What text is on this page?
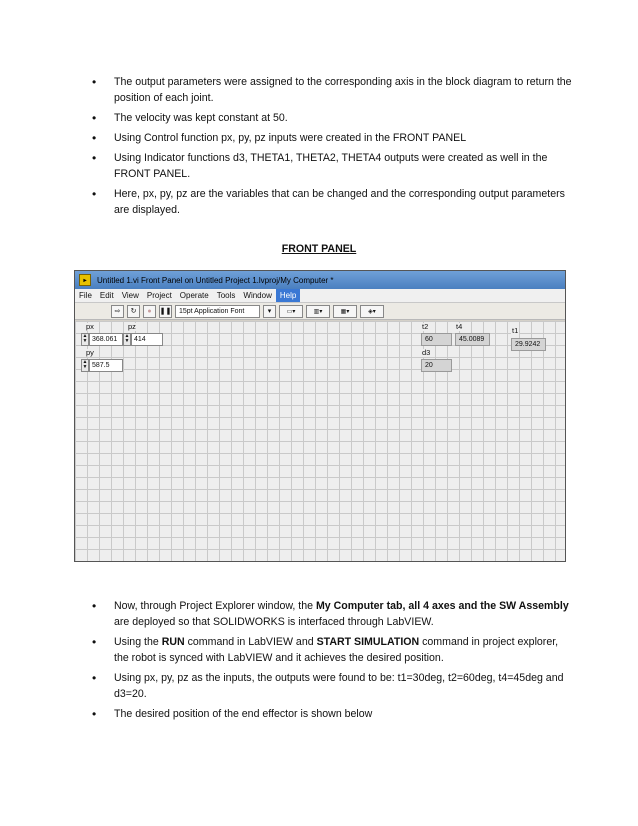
• The output parameters were assigned to the corresponding axis in the block diagram to return the position of each joint.
• The velocity was kept constant at 50.
• Using Control function px, py, pz inputs were created in the FRONT PANEL
• Using Indicator functions d3, THETA1, THETA2, THETA4 outputs were created as well in the FRONT PANEL.
• Here, px, py, pz are the variables that can be changed and the corresponding output parameters are displayed.
FRONT PANEL
▸	Untitled 1.vi Front Panel on Untitled Project 1.lvproj/My Computer *
File	Edit	View	Project	Operate	Tools	Window	Help
⇨	↻	●	❚❚	15pt Application Font	▾	▭▾	▥▾	▦▾	◈▾
px
▲
▼ 368.061
pz
▲
▼ 414
py
▲
▼ 587.5
t2
60
t4
45.0089
t1
29.9242
d3
20
• Now, through Project Explorer window, the My Computer tab, all 4 axes and the SW Assembly are deployed so that SOLIDWORKS is interfaced through LabVIEW.
• Using the RUN command in LabVIEW and START SIMULATION command in project explorer, the robot is synced with LabVIEW and it achieves the desired position.
• Using px, py, pz as the inputs, the outputs were found to be: t1=30deg, t2=60deg, t4=45deg and d3=20.
• The desired position of the end effector is shown below
